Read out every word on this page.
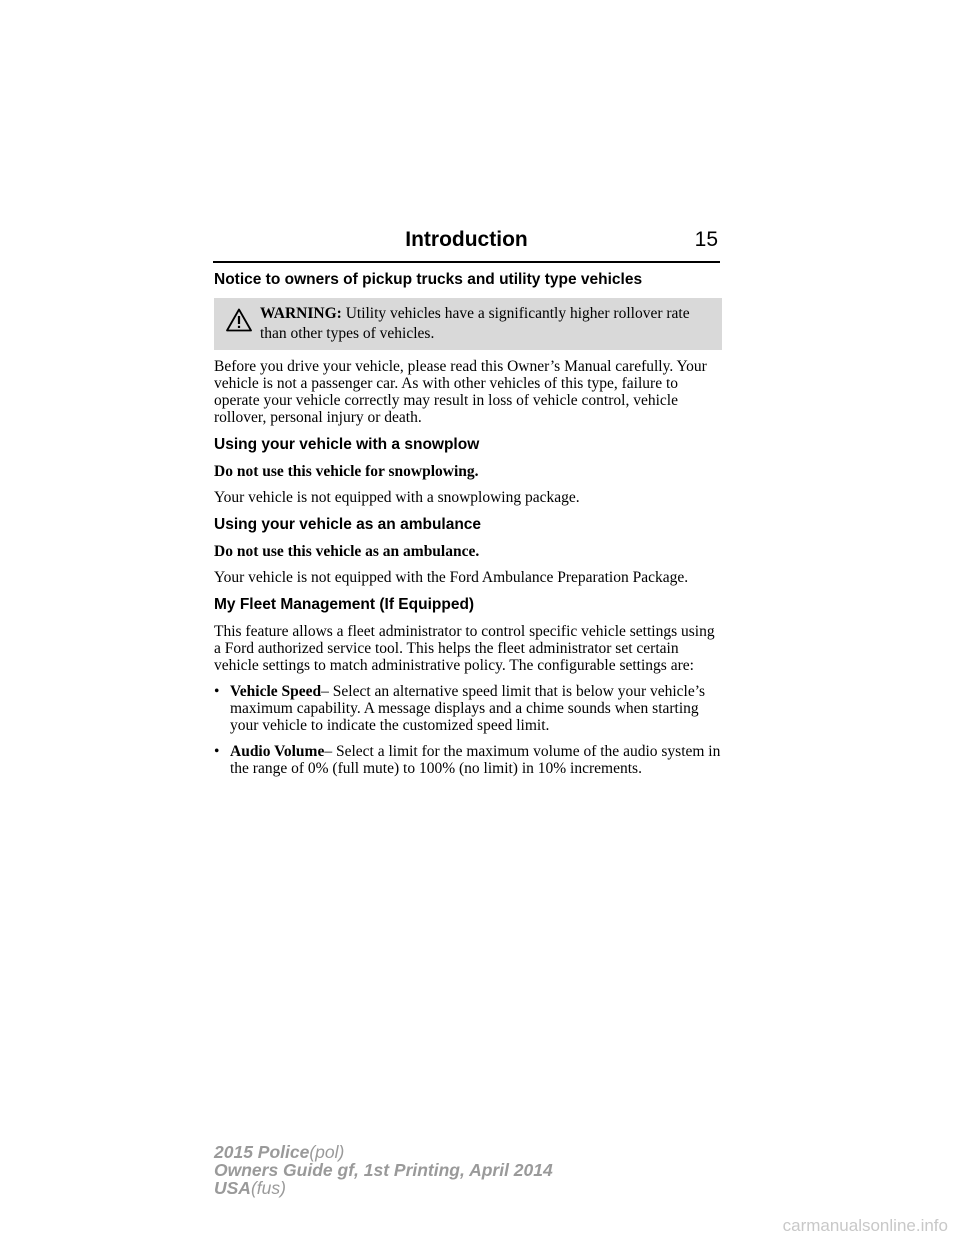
Introduction	15
Notice to owners of pickup trucks and utility type vehicles
WARNING: Utility vehicles have a significantly higher rollover rate than other types of vehicles.
Before you drive your vehicle, please read this Owner’s Manual carefully. Your vehicle is not a passenger car. As with other vehicles of this type, failure to operate your vehicle correctly may result in loss of vehicle control, vehicle rollover, personal injury or death.
Using your vehicle with a snowplow
Do not use this vehicle for snowplowing.
Your vehicle is not equipped with a snowplowing package.
Using your vehicle as an ambulance
Do not use this vehicle as an ambulance.
Your vehicle is not equipped with the Ford Ambulance Preparation Package.
My Fleet Management (If Equipped)
This feature allows a fleet administrator to control specific vehicle settings using a Ford authorized service tool. This helps the fleet administrator set certain vehicle settings to match administrative policy. The configurable settings are:
• Vehicle Speed– Select an alternative speed limit that is below your vehicle’s maximum capability. A message displays and a chime sounds when starting your vehicle to indicate the customized speed limit.
• Audio Volume– Select a limit for the maximum volume of the audio system in the range of 0% (full mute) to 100% (no limit) in 10% increments.
2015 Police(pol)
Owners Guide gf, 1st Printing, April 2014
USA(fus)
carmanualsonline.info
